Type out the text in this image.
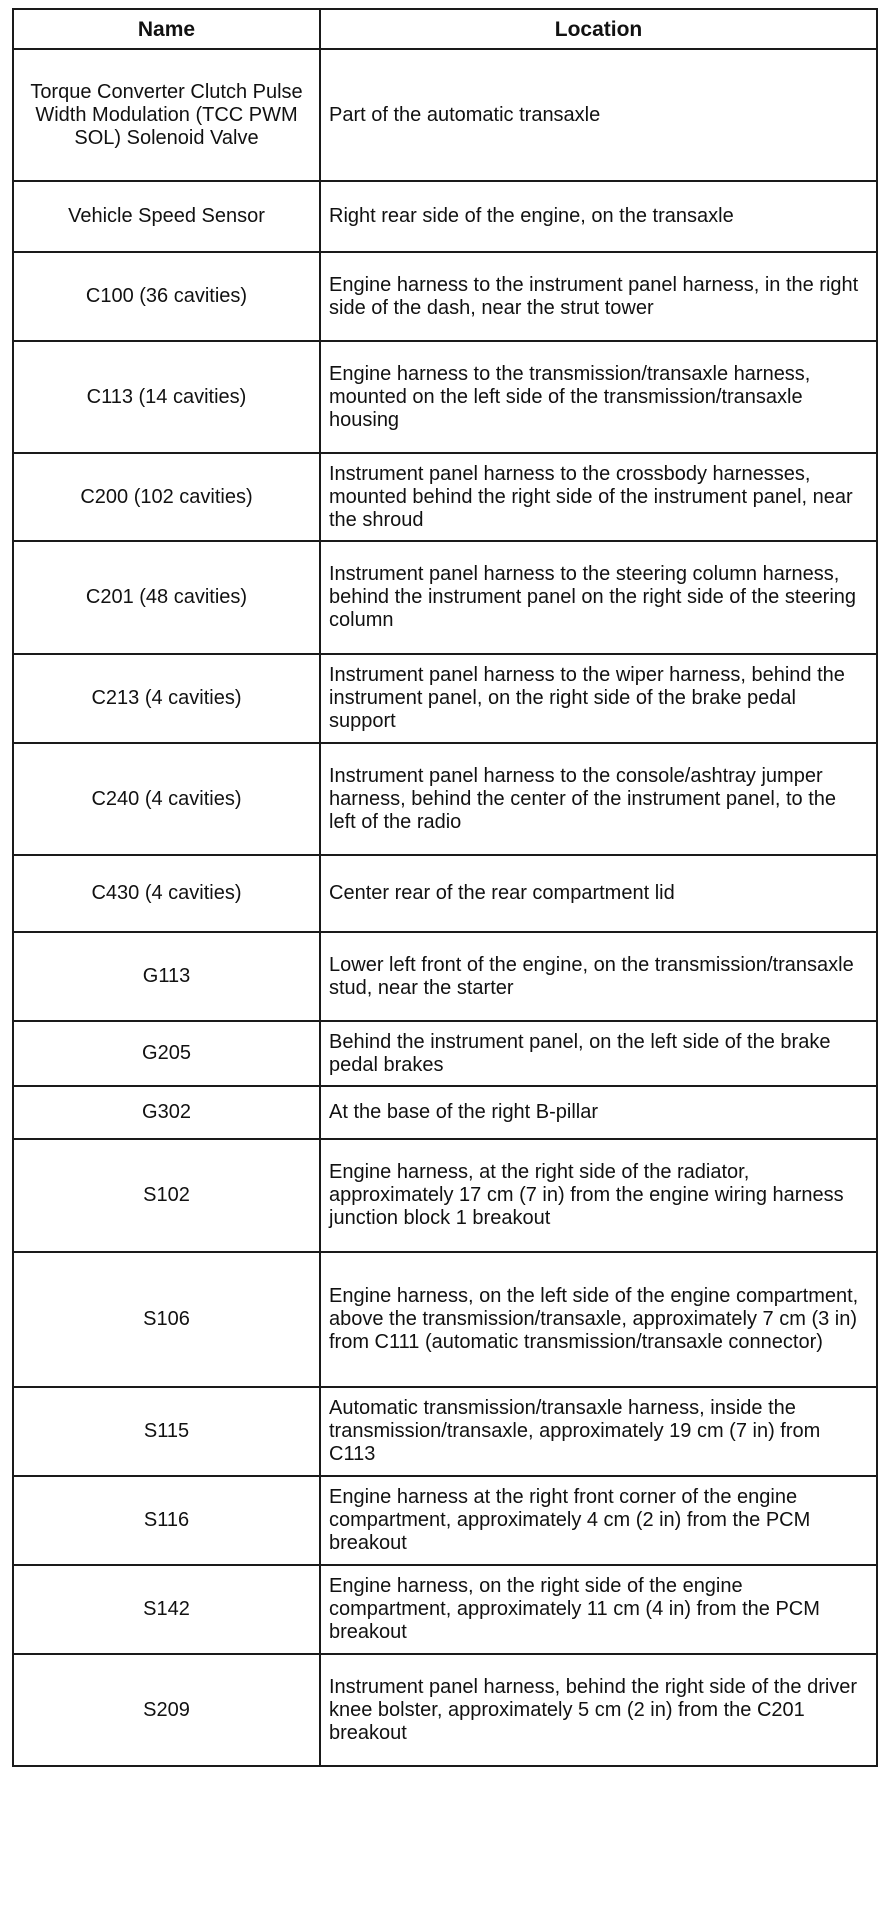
Name	Location
Torque Converter Clutch Pulse Width Modulation (TCC PWM SOL) Solenoid Valve	Part of the automatic transaxle
Vehicle Speed Sensor	Right rear side of the engine, on the transaxle
C100 (36 cavities)	Engine harness to the instrument panel harness, in the right side of the dash, near the strut tower
C113 (14 cavities)	Engine harness to the transmission/transaxle harness, mounted on the left side of the transmission/transaxle housing
C200 (102 cavities)	Instrument panel harness to the crossbody harnesses, mounted behind the right side of the instrument panel, near the shroud
C201 (48 cavities)	Instrument panel harness to the steering column harness, behind the instrument panel on the right side of the steering column
C213 (4 cavities)	Instrument panel harness to the wiper harness, behind the instrument panel, on the right side of the brake pedal support
C240 (4 cavities)	Instrument panel harness to the console/ashtray jumper harness, behind the center of the instrument panel, to the left of the radio
C430 (4 cavities)	Center rear of the rear compartment lid
G113	Lower left front of the engine, on the transmission/transaxle stud, near the starter
G205	Behind the instrument panel, on the left side of the brake pedal brakes
G302	At the base of the right B-pillar
S102	Engine harness, at the right side of the radiator, approximately 17 cm (7 in) from the engine wiring harness junction block 1 breakout
S106	Engine harness, on the left side of the engine compartment, above the transmission/transaxle, approximately 7 cm (3 in) from C111 (automatic transmission/transaxle connector)
S115	Automatic transmission/transaxle harness, inside the transmission/transaxle, approximately 19 cm (7 in) from C113
S116	Engine harness at the right front corner of the engine compartment, approximately 4 cm (2 in) from the PCM breakout
S142	Engine harness, on the right side of the engine compartment, approximately 11 cm (4 in) from the PCM breakout
S209	Instrument panel harness, behind the right side of the driver knee bolster, approximately 5 cm (2 in) from the C201 breakout
